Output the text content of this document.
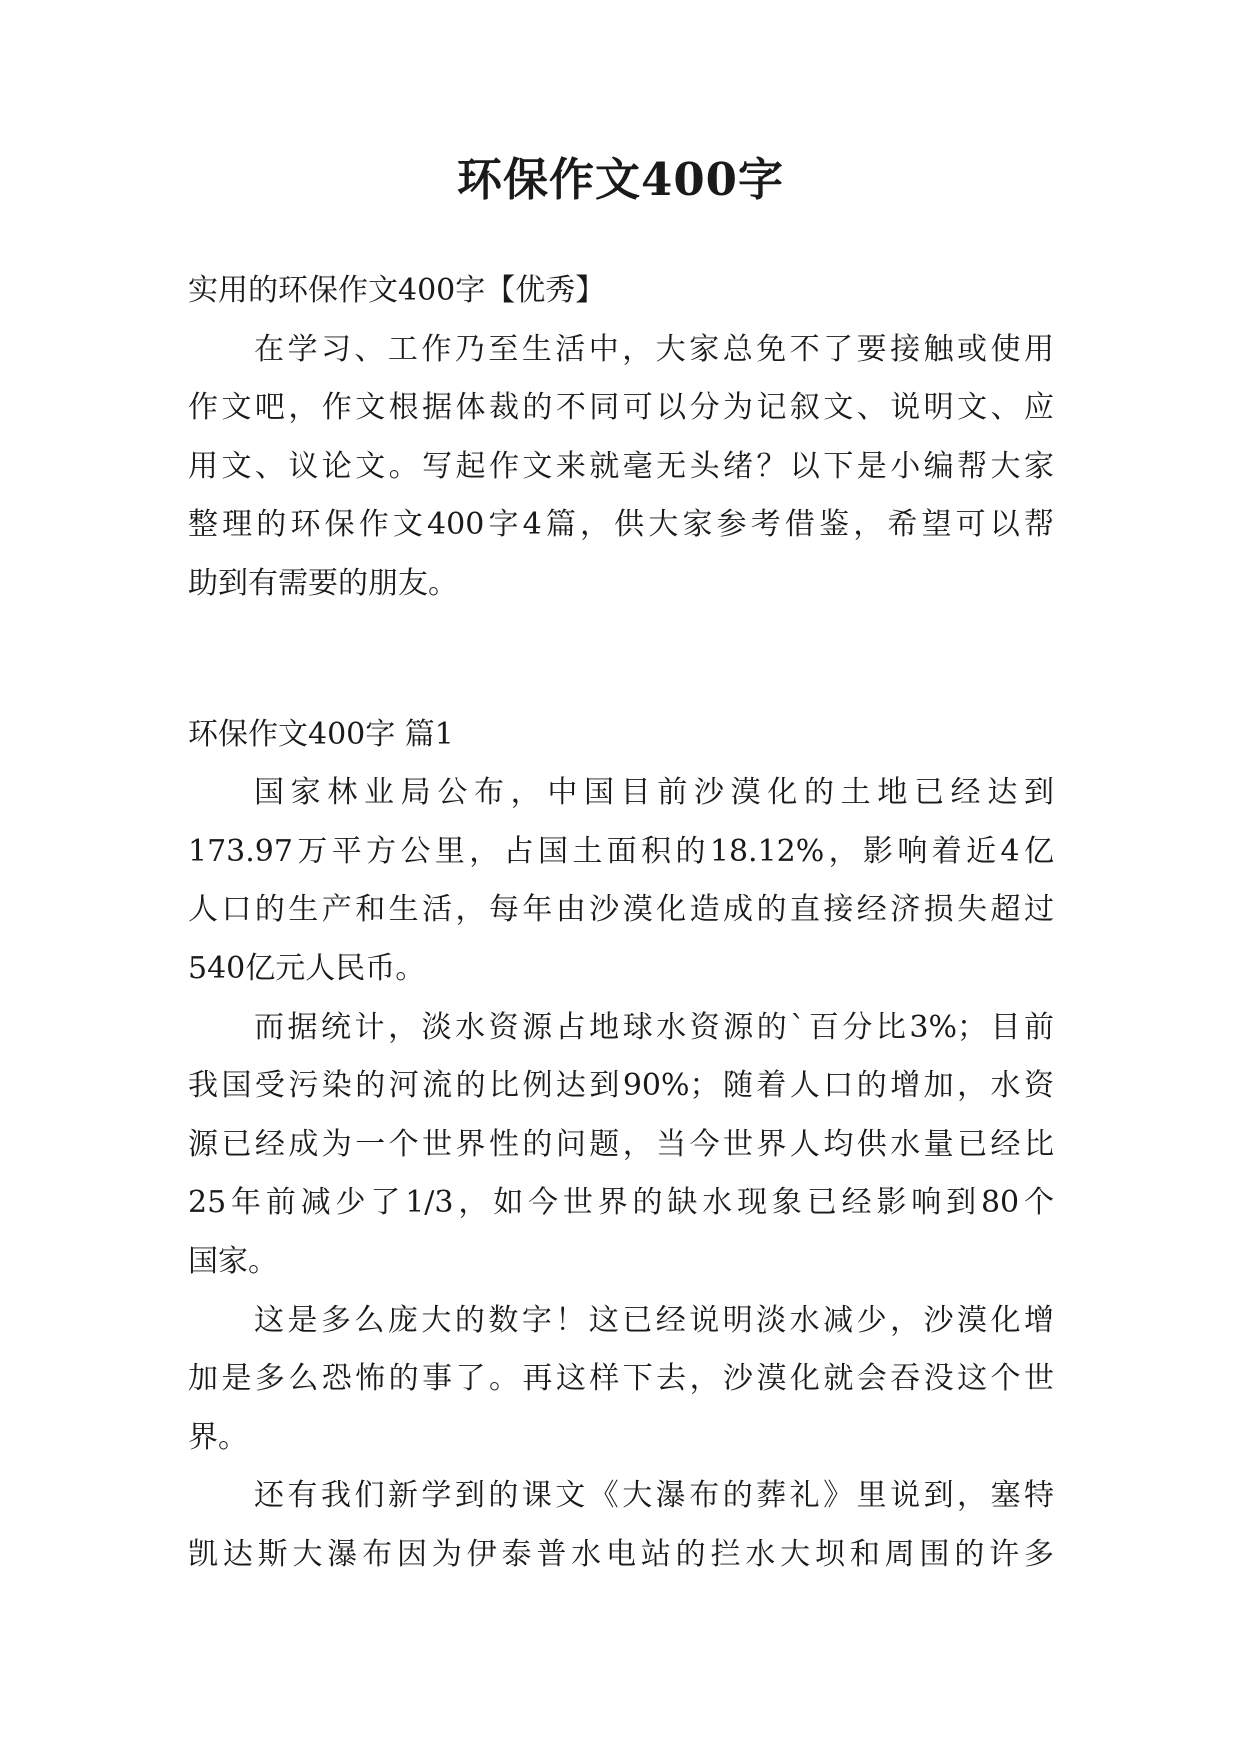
环保作文400字

实用的环保作文400字【优秀】

在学习、工作乃至生活中，大家总免不了要接触或使用

作文吧，作文根据体裁的不同可以分为记叙文、说明文、应

用文、议论文。写起作文来就毫无头绪？以下是小编帮大家

整理的环保作文400字4篇，供大家参考借鉴，希望可以帮

助到有需要的朋友。

环保作文400字 篇1

国家林业局公布，中国目前沙漠化的土地已经达到

173.97万平方公里，占国土面积的18.12%，影响着近4亿

人口的生产和生活，每年由沙漠化造成的直接经济损失超过

540亿元人民币。

而据统计，淡水资源占地球水资源的`百分比3%；目前

我国受污染的河流的比例达到90%；随着人口的增加，水资

源已经成为一个世界性的问题，当今世界人均供水量已经比

25年前减少了1/3，如今世界的缺水现象已经影响到80个

国家。

这是多么庞大的数字！这已经说明淡水减少，沙漠化增

加是多么恐怖的事了。再这样下去，沙漠化就会吞没这个世

界。

还有我们新学到的课文《大瀑布的葬礼》里说到，塞特

凯达斯大瀑布因为伊泰普水电站的拦水大坝和周围的许多
